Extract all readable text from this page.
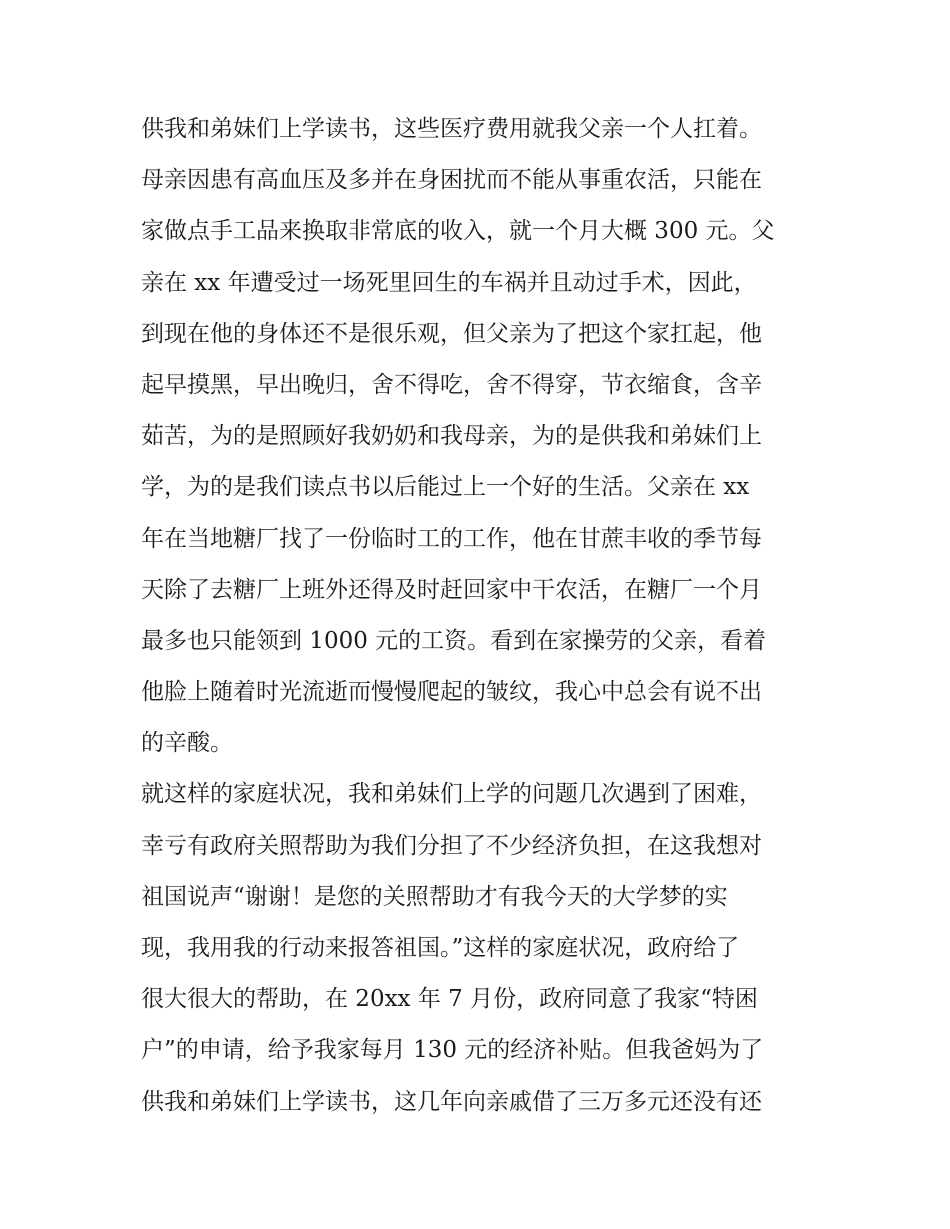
供我和弟妹们上学读书，这些医疗费用就我父亲一个人扛着。
母亲因患有高血压及多并在身困扰而不能从事重农活，只能在
家做点手工品来换取非常底的收入，就一个月大概 300 元。父
亲在 xx 年遭受过一场死里回生的车祸并且动过手术，因此，
到现在他的身体还不是很乐观，但父亲为了把这个家扛起，他
起早摸黑，早出晚归，舍不得吃，舍不得穿，节衣缩食，含辛
茹苦，为的是照顾好我奶奶和我母亲，为的是供我和弟妹们上
学，为的是我们读点书以后能过上一个好的生活。父亲在 xx
年在当地糖厂找了一份临时工的工作，他在甘蔗丰收的季节每
天除了去糖厂上班外还得及时赶回家中干农活，在糖厂一个月
最多也只能领到 1000 元的工资。看到在家操劳的父亲，看着
他脸上随着时光流逝而慢慢爬起的皱纹，我心中总会有说不出
的辛酸。
就这样的家庭状况，我和弟妹们上学的问题几次遇到了困难，
幸亏有政府关照帮助为我们分担了不少经济负担，在这我想对
祖国说声“谢谢！是您的关照帮助才有我今天的大学梦的实
现，我用我的行动来报答祖国。”这样的家庭状况，政府给了
很大很大的帮助，在 20xx 年 7 月份，政府同意了我家“特困
户”的申请，给予我家每月 130 元的经济补贴。但我爸妈为了
供我和弟妹们上学读书，这几年向亲戚借了三万多元还没有还
